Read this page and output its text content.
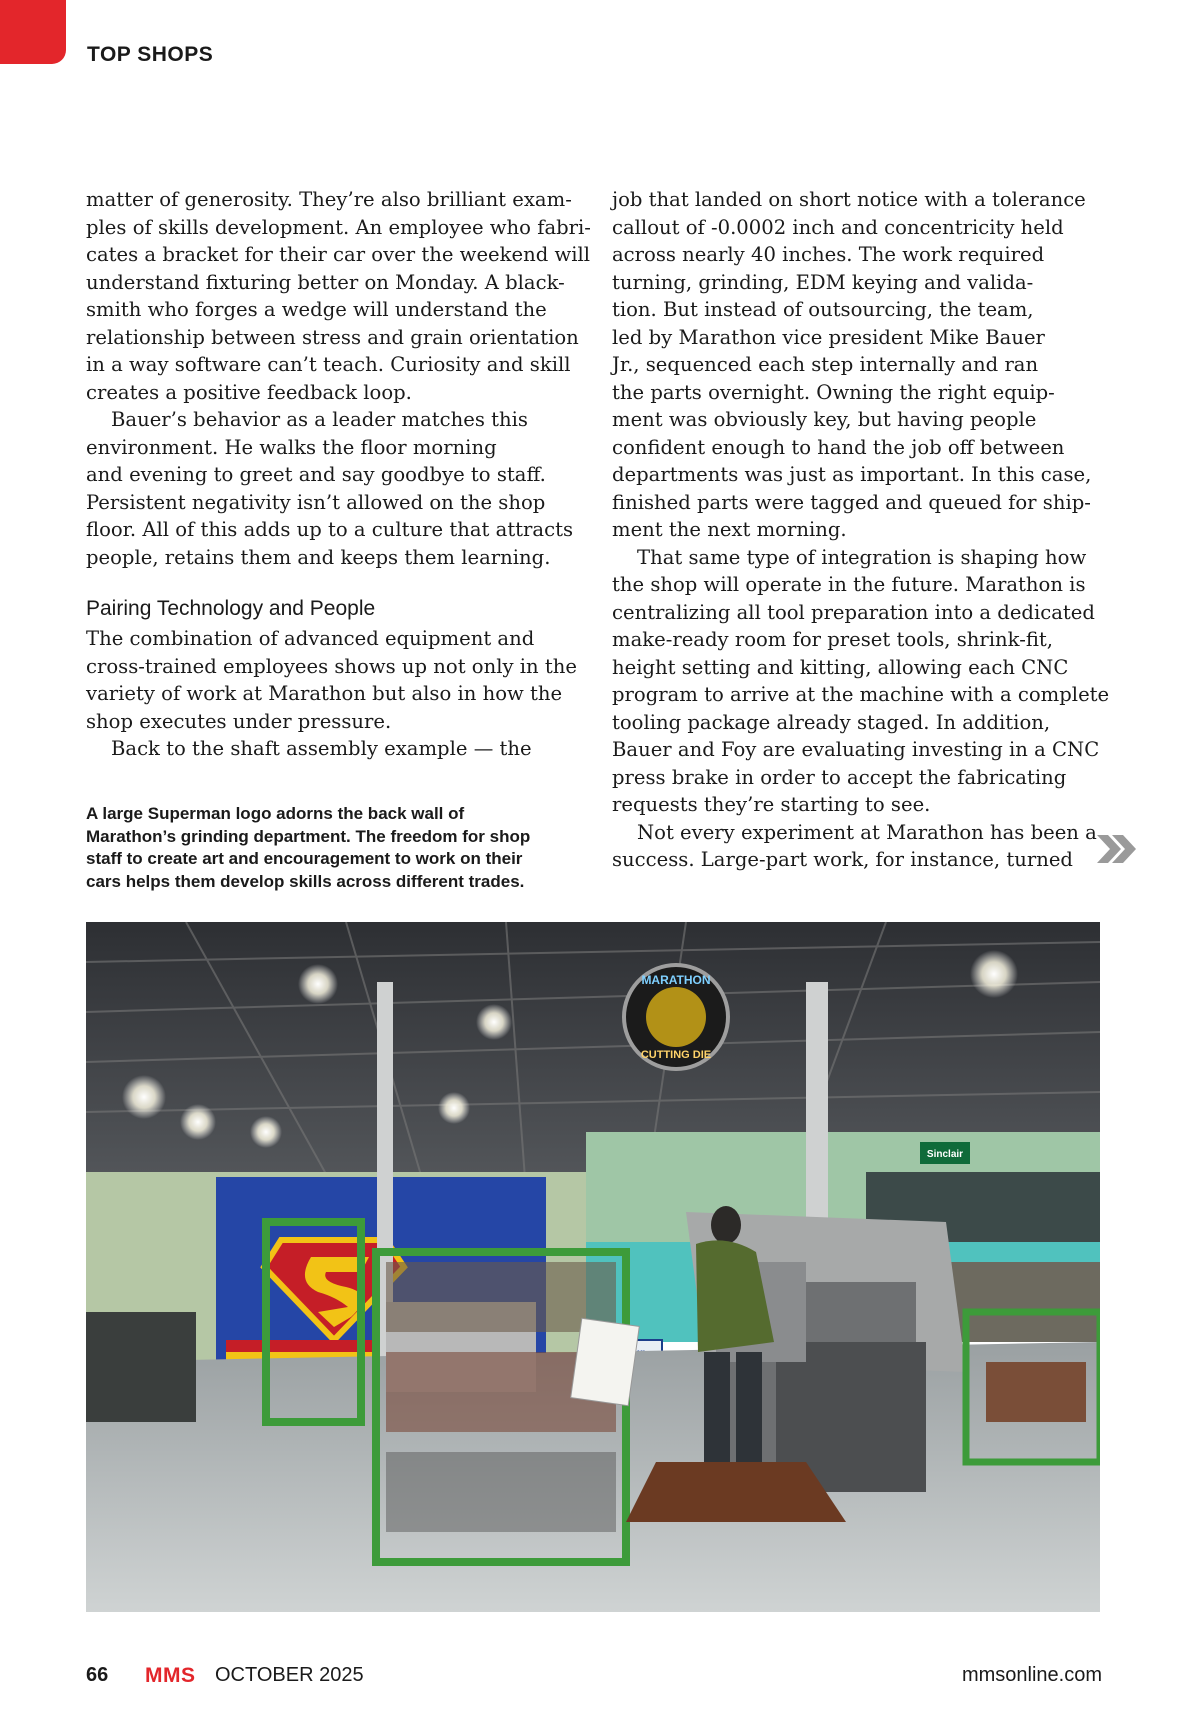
TOP SHOPS
matter of generosity. They’re also brilliant exam-
ples of skills development. An employee who fabri-
cates a bracket for their car over the weekend will
understand fixturing better on Monday. A black-
smith who forges a wedge will understand the
relationship between stress and grain orientation
in a way software can’t teach. Curiosity and skill
creates a positive feedback loop.
Bauer’s behavior as a leader matches this
environment. He walks the floor morning
and evening to greet and say goodbye to staff.
Persistent negativity isn’t allowed on the shop
floor. All of this adds up to a culture that attracts
people, retains them and keeps them learning.
Pairing Technology and People
The combination of advanced equipment and
cross-trained employees shows up not only in the
variety of work at Marathon but also in how the
shop executes under pressure.
Back to the shaft assembly example — the
A large Superman logo adorns the back wall of
Marathon’s grinding department. The freedom for shop
staff to create art and encouragement to work on their
cars helps them develop skills across different trades.
job that landed on short notice with a tolerance
callout of -0.0002 inch and concentricity held
across nearly 40 inches. The work required
turning, grinding, EDM keying and valida-
tion. But instead of outsourcing, the team,
led by Marathon vice president Mike Bauer
Jr., sequenced each step internally and ran
the parts overnight. Owning the right equip-
ment was obviously key, but having people
confident enough to hand the job off between
departments was just as important. In this case,
finished parts were tagged and queued for ship-
ment the next morning.
That same type of integration is shaping how
the shop will operate in the future. Marathon is
centralizing all tool preparation into a dedicated
make-ready room for preset tools, shrink-fit,
height setting and kitting, allowing each CNC
program to arrive at the machine with a complete
tooling package already staged. In addition,
Bauer and Foy are evaluating investing in a CNC
press brake in order to accept the fabricating
requests they’re starting to see.
Not every experiment at Marathon has been a
success. Large-part work, for instance, turned
MARATHON
CUTTING DIE
Sinclair
66 MMS OCTOBER 2025	mmsonline.com
